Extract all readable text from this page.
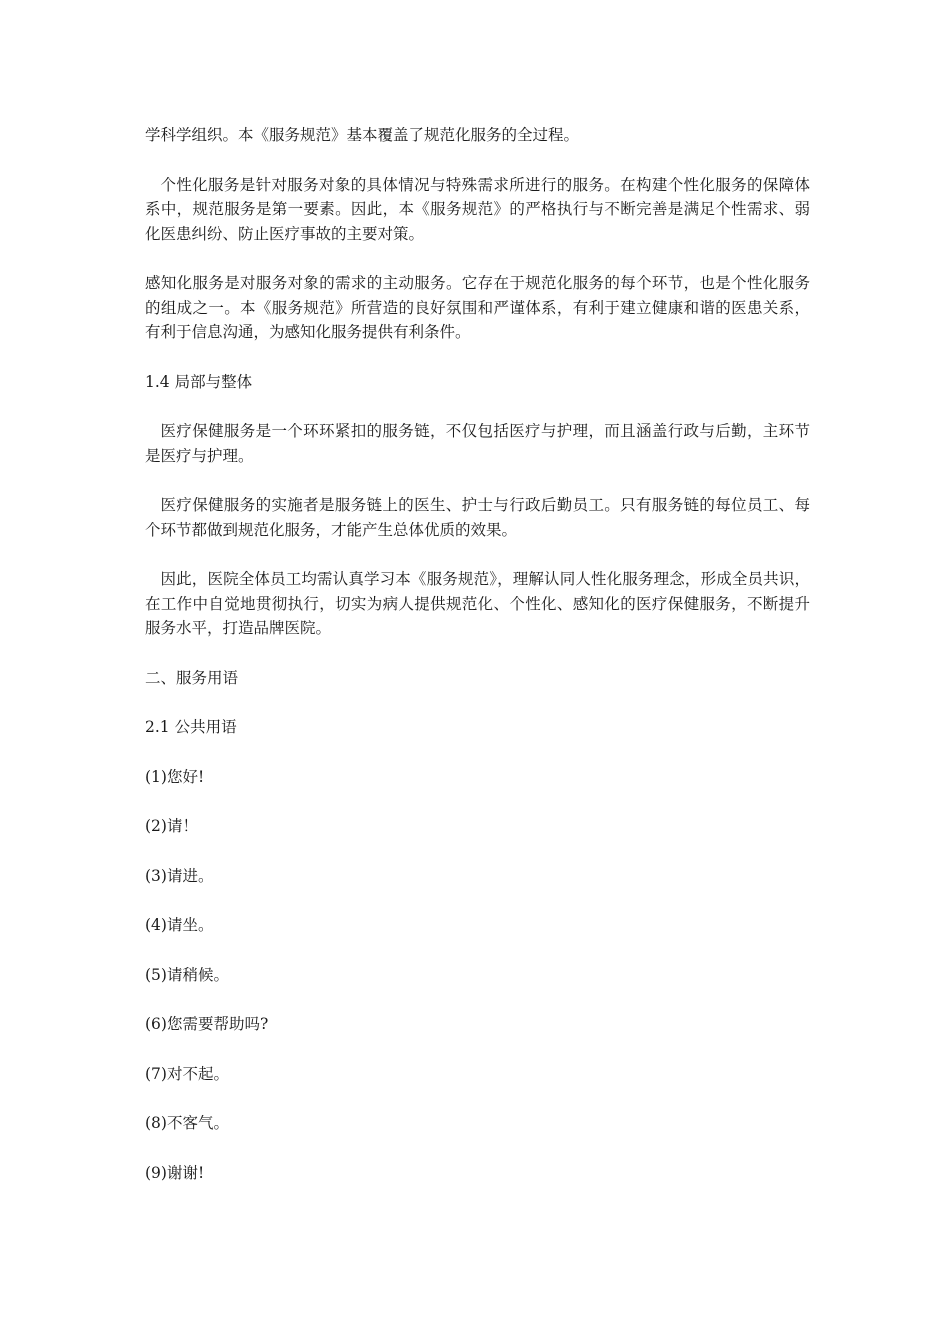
学科学组织。本《服务规范》基本覆盖了规范化服务的全过程。

个性化服务是针对服务对象的具体情况与特殊需求所进行的服务。在构建个性化服务的保障体系中，规范服务是第一要素。因此，本《服务规范》的严格执行与不断完善是满足个性需求、弱化医患纠纷、防止医疗事故的主要对策。

感知化服务是对服务对象的需求的主动服务。它存在于规范化服务的每个环节，也是个性化服务的组成之一。本《服务规范》所营造的良好氛围和严谨体系，有利于建立健康和谐的医患关系，有利于信息沟通，为感知化服务提供有利条件。

1.4 局部与整体

医疗保健服务是一个环环紧扣的服务链，不仅包括医疗与护理，而且涵盖行政与后勤，主环节是医疗与护理。

医疗保健服务的实施者是服务链上的医生、护士与行政后勤员工。只有服务链的每位员工、每个环节都做到规范化服务，才能产生总体优质的效果。

因此，医院全体员工均需认真学习本《服务规范》，理解认同人性化服务理念，形成全员共识，在工作中自觉地贯彻执行，切实为病人提供规范化、个性化、感知化的医疗保健服务，不断提升服务水平，打造品牌医院。

二、服务用语

2.1 公共用语

(1)您好!

(2)请！

(3)请进。

(4)请坐。

(5)请稍候。

(6)您需要帮助吗?

(7)对不起。

(8)不客气。

(9)谢谢!
